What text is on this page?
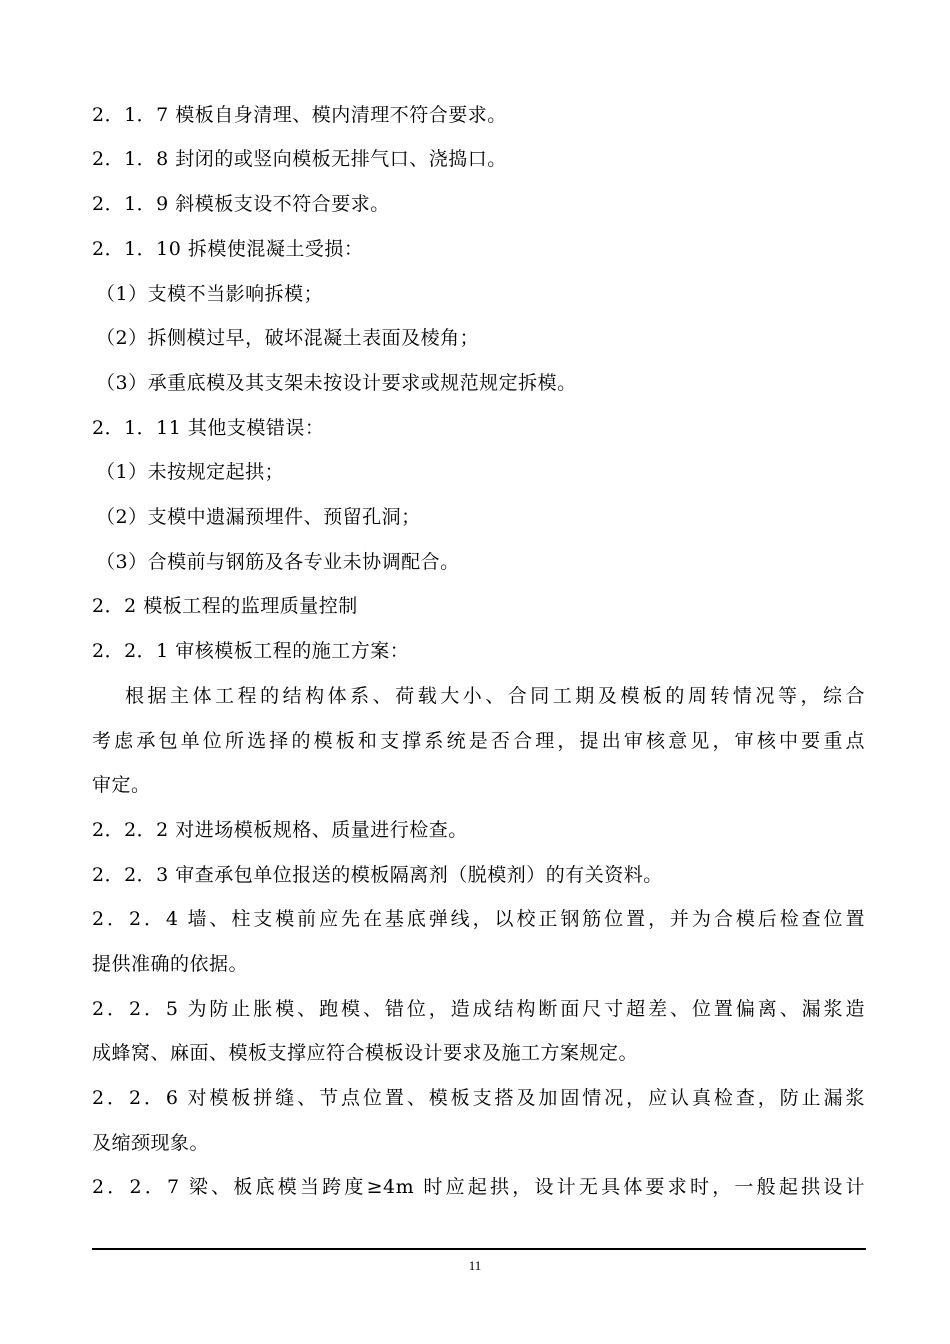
2．1．7 模板自身清理、模内清理不符合要求。
2．1．8 封闭的或竖向模板无排气口、浇捣口。
2．1．9 斜模板支设不符合要求。
2．1．10 拆模使混凝土受损：
（1）支模不当影响拆模；
（2）拆侧模过早，破坏混凝土表面及棱角；
（3）承重底模及其支架未按设计要求或规范规定拆模。
2．1．11 其他支模错误：
（1）未按规定起拱；
（2）支模中遗漏预埋件、预留孔洞；
（3）合模前与钢筋及各专业未协调配合。
2．2 模板工程的监理质量控制
2．2．1 审核模板工程的施工方案：
根据主体工程的结构体系、荷载大小、合同工期及模板的周转情况等，综合
考虑承包单位所选择的模板和支撑系统是否合理，提出审核意见，审核中要重点
审定。
2．2．2 对进场模板规格、质量进行检查。
2．2．3 审查承包单位报送的模板隔离剂（脱模剂）的有关资料。
2．2．4 墙、柱支模前应先在基底弹线，以校正钢筋位置，并为合模后检查位置
提供准确的依据。
2．2．5 为防止胀模、跑模、错位，造成结构断面尺寸超差、位置偏离、漏浆造
成蜂窝、麻面、模板支撑应符合模板设计要求及施工方案规定。
2．2．6 对模板拼缝、节点位置、模板支搭及加固情况，应认真检查，防止漏浆
及缩颈现象。
2．2．7 梁、板底模当跨度≥4m 时应起拱，设计无具体要求时，一般起拱设计
11
